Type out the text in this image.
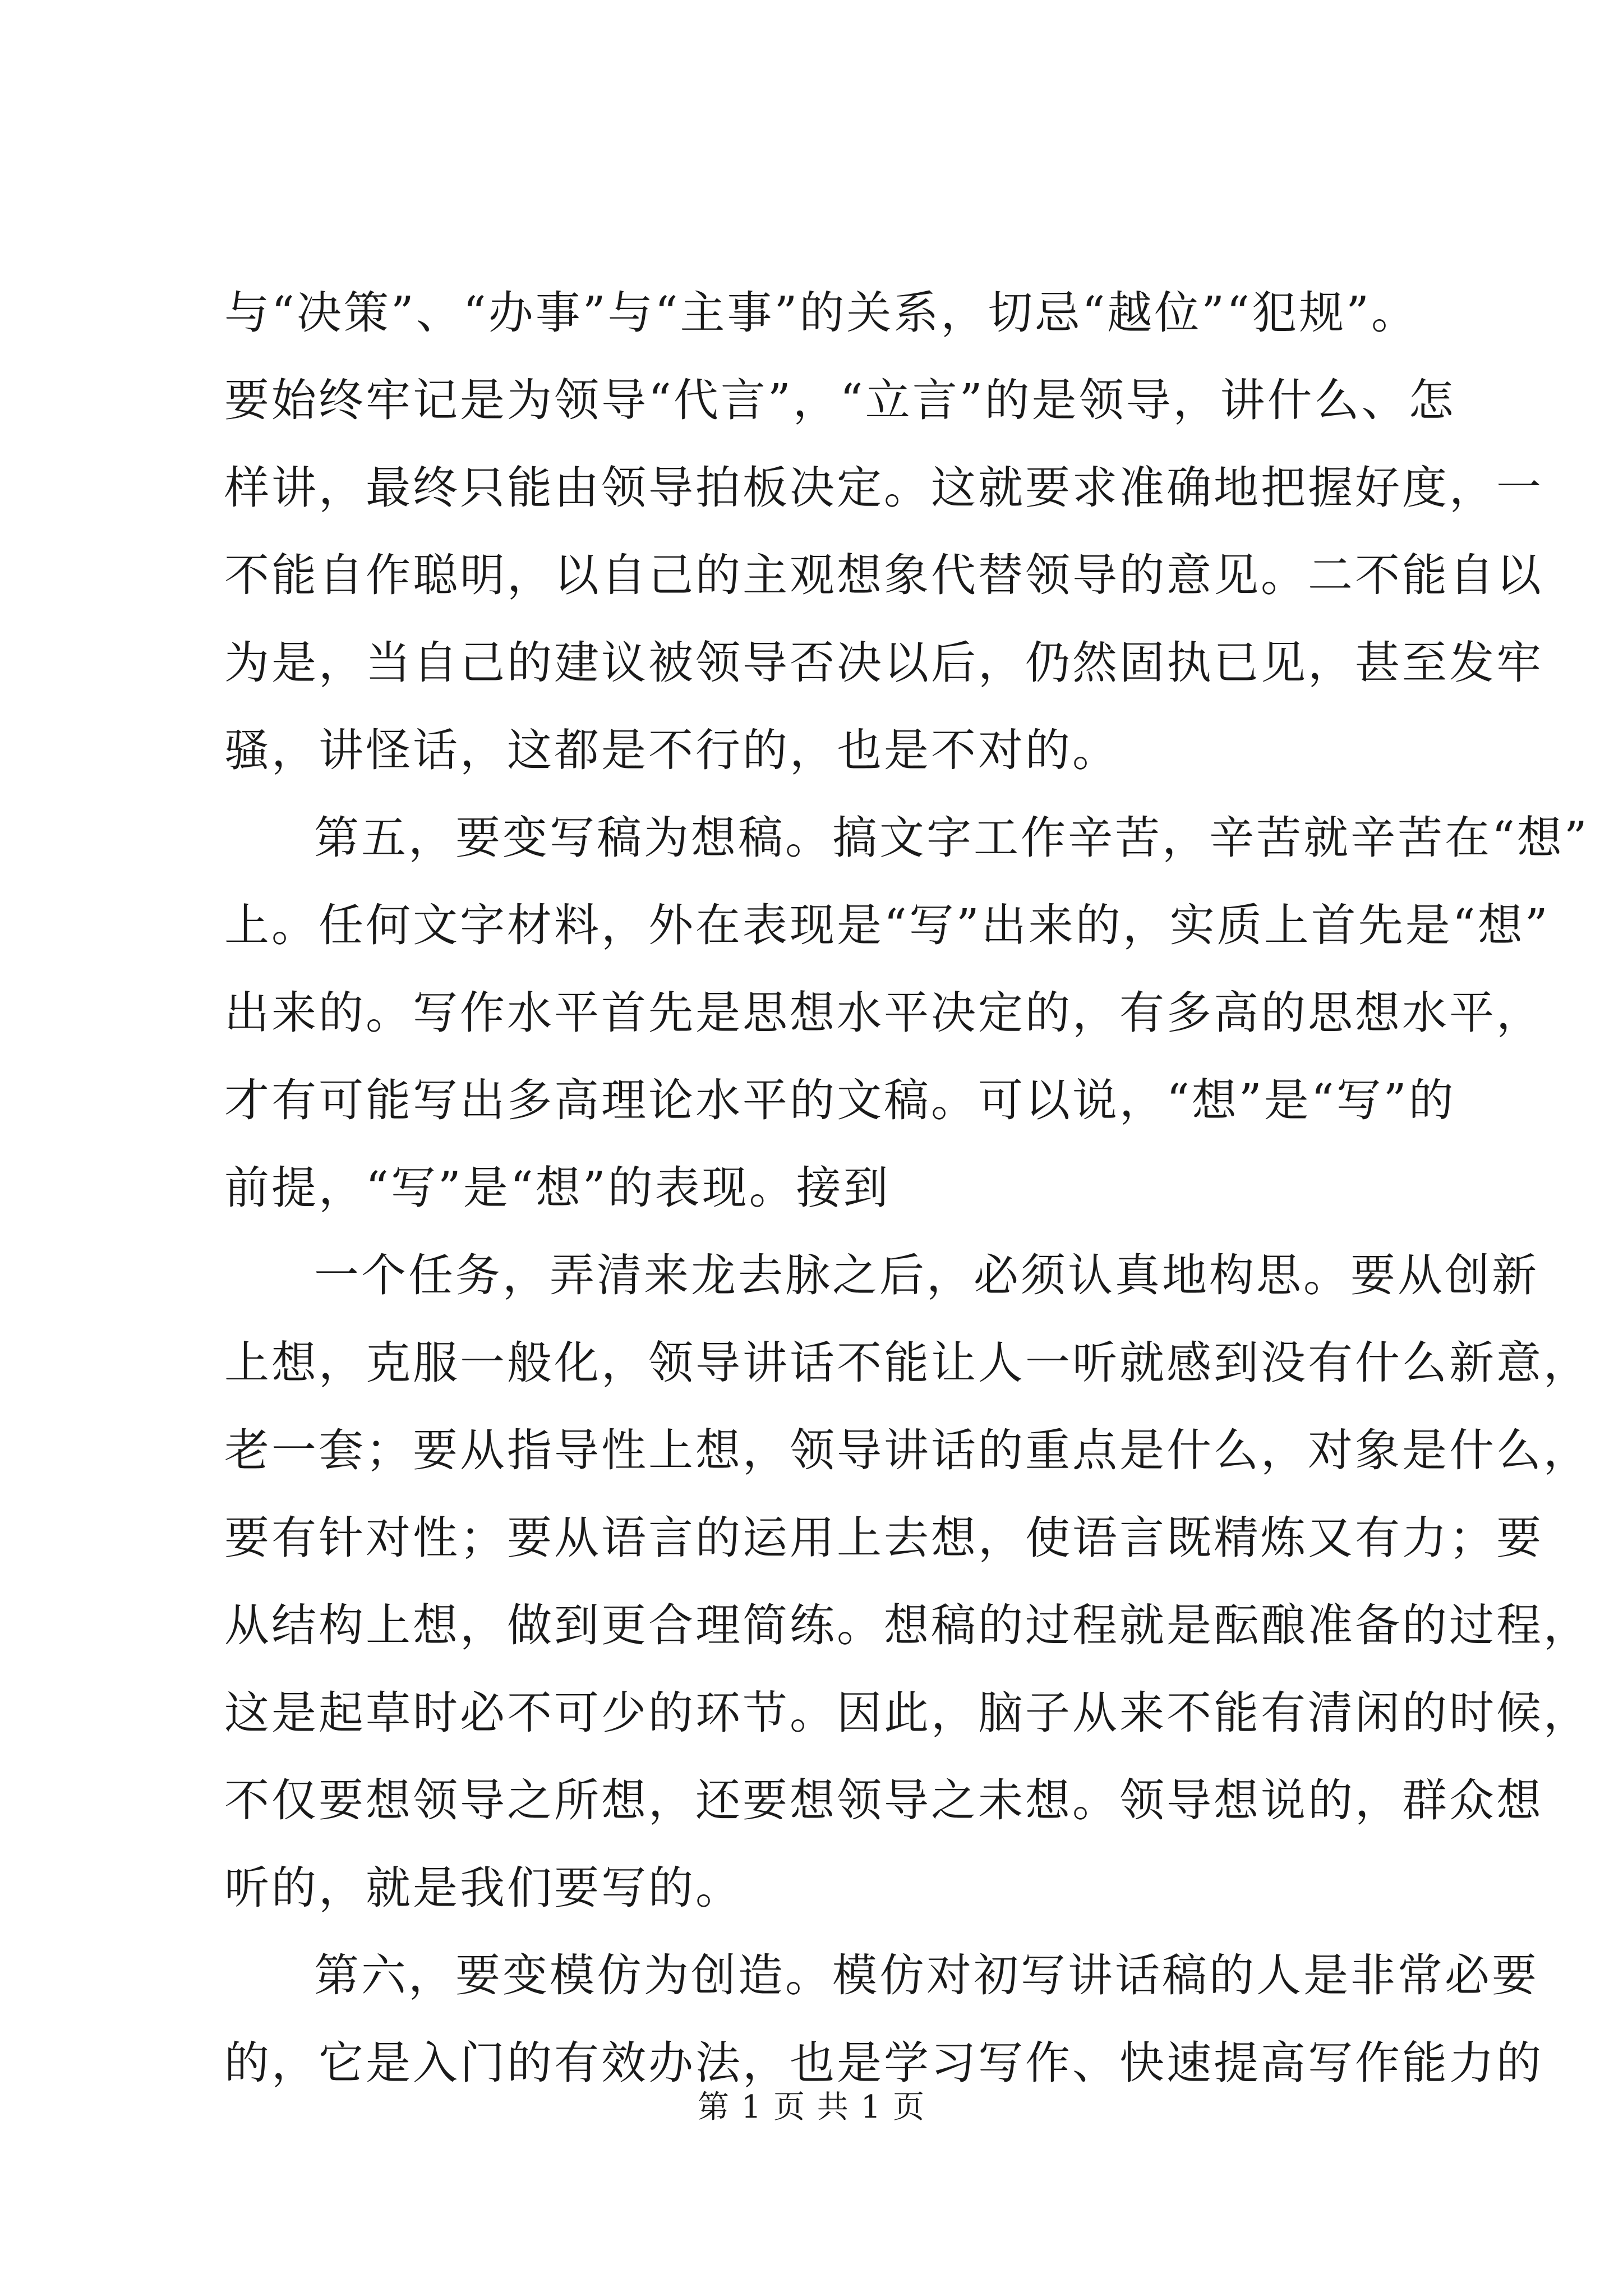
与“决策”、“办事”与“主事”的关系，切忌“越位”“犯规”。
要始终牢记是为领导“代言”，“立言”的是领导，讲什么、怎
样讲，最终只能由领导拍板决定。这就要求准确地把握好度，一
不能自作聪明，以自己的主观想象代替领导的意见。二不能自以
为是，当自己的建议被领导否决以后，仍然固执已见，甚至发牢
骚，讲怪话，这都是不行的，也是不对的。
第五，要变写稿为想稿。搞文字工作辛苦，辛苦就辛苦在“想”
上。任何文字材料，外在表现是“写”出来的，实质上首先是“想”
出来的。写作水平首先是思想水平决定的，有多高的思想水平，
才有可能写出多高理论水平的文稿。可以说，“想”是“写”的
前提，“写”是“想”的表现。接到
一个任务，弄清来龙去脉之后，必须认真地构思。要从创新
上想，克服一般化，领导讲话不能让人一听就感到没有什么新意，
老一套；要从指导性上想，领导讲话的重点是什么，对象是什么，
要有针对性；要从语言的运用上去想，使语言既精炼又有力；要
从结构上想，做到更合理简练。想稿的过程就是酝酿准备的过程，
这是起草时必不可少的环节。因此，脑子从来不能有清闲的时候，
不仅要想领导之所想，还要想领导之未想。领导想说的，群众想
听的，就是我们要写的。
第六，要变模仿为创造。模仿对初写讲话稿的人是非常必要
的，它是入门的有效办法，也是学习写作、快速提高写作能力的
第 1 页 共 1 页
